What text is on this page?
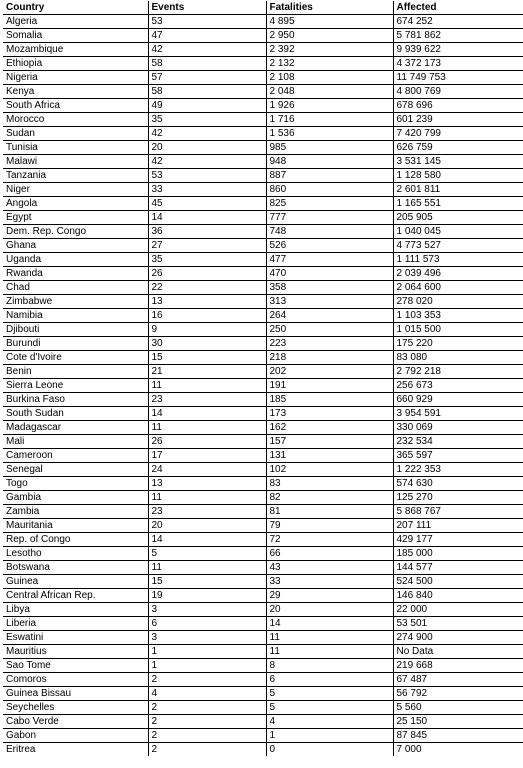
Country	Events	Fatalities	Affected
Algeria	53	4 895	674 252
Somalia	47	2 950	5 781 862
Mozambique	42	2 392	9 939 622
Ethiopia	58	2 132	4 372 173
Nigeria	57	2 108	11 749 753
Kenya	58	2 048	4 800 769
South Africa	49	1 926	678 696
Morocco	35	1 716	601 239
Sudan	42	1 536	7 420 799
Tunisia	20	985	626 759
Malawi	42	948	3 531 145
Tanzania	53	887	1 128 580
Niger	33	860	2 601 811
Angola	45	825	1 165 551
Egypt	14	777	205 905
Dem. Rep. Congo	36	748	1 040 045
Ghana	27	526	4 773 527
Uganda	35	477	1 111 573
Rwanda	26	470	2 039 496
Chad	22	358	2 064 600
Zimbabwe	13	313	278 020
Namibia	16	264	1 103 353
Djibouti	9	250	1 015 500
Burundi	30	223	175 220
Cote d'Ivoire	15	218	83 080
Benin	21	202	2 792 218
Sierra Leone	11	191	256 673
Burkina Faso	23	185	660 929
South Sudan	14	173	3 954 591
Madagascar	11	162	330 069
Mali	26	157	232 534
Cameroon	17	131	365 597
Senegal	24	102	1 222 353
Togo	13	83	574 630
Gambia	11	82	125 270
Zambia	23	81	5 868 767
Mauritania	20	79	207 111
Rep. of Congo	14	72	429 177
Lesotho	5	66	185 000
Botswana	11	43	144 577
Guinea	15	33	524 500
Central African Rep.	19	29	146 840
Libya	3	20	22 000
Liberia	6	14	53 501
Eswatini	3	11	274 900
Mauritius	1	11	No Data
Sao Tome	1	8	219 668
Comoros	2	6	67 487
Guinea Bissau	4	5	56 792
Seychelles	2	5	5 560
Cabo Verde	2	4	25 150
Gabon	2	1	87 845
Eritrea	2	0	7 000
